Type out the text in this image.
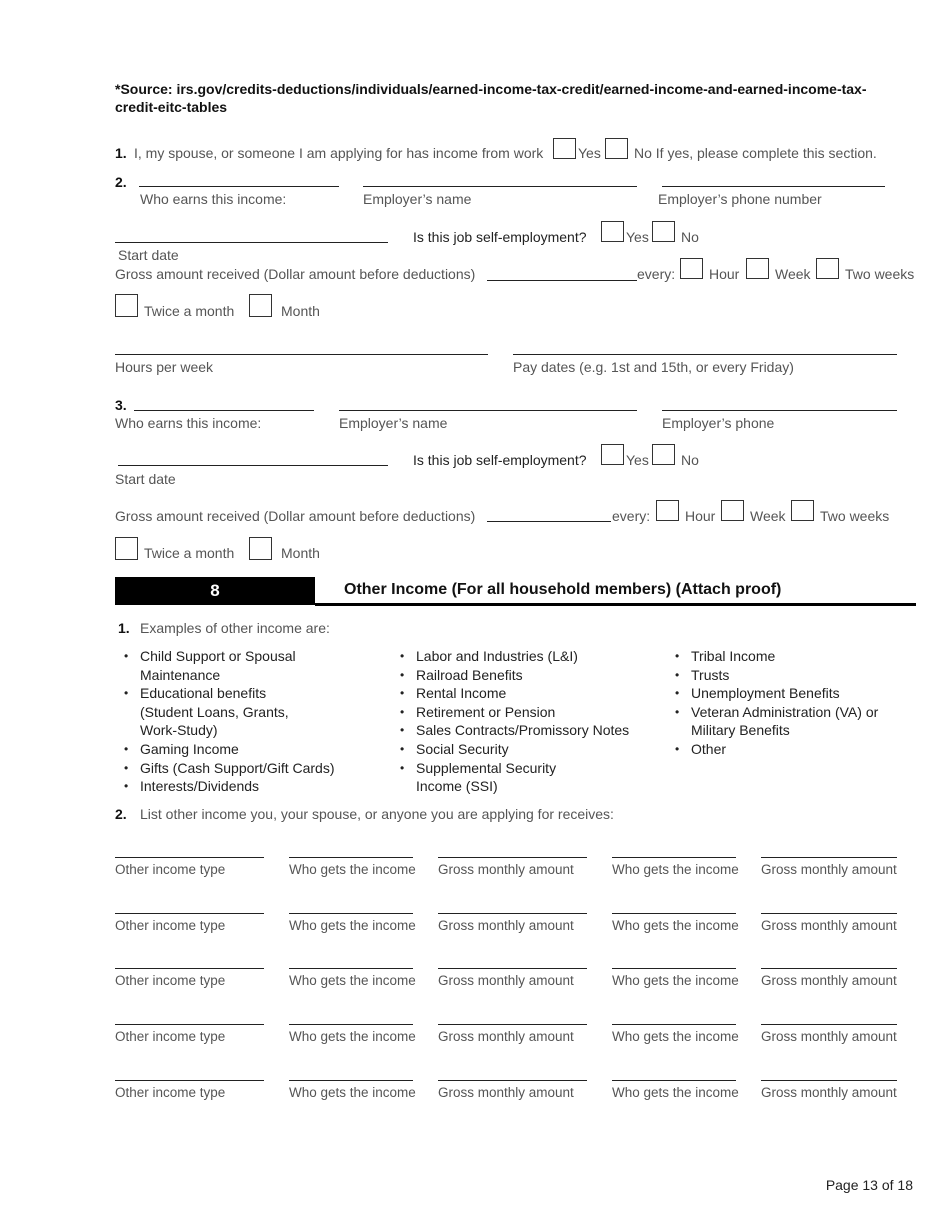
*Source: irs.gov/credits-deductions/individuals/earned-income-tax-credit/earned-income-and-earned-income-tax-credit-eitc-tables
1. I, my spouse, or someone I am applying for has income from work Yes No If yes, please complete this section.
2.
Who earns this income:	Employer’s name	Employer’s phone number
Is this job self-employment?	Yes No
Start date
Gross amount received (Dollar amount before deductions)	every: Hour	Week Two weeks
Twice a month	Month
Hours per week	Pay dates (e.g. 1st and 15th, or every Friday)
3.
Who earns this income:	Employer’s name	Employer’s phone
Is this job self-employment?	Yes No
Start date
Gross amount received (Dollar amount before deductions)	every: Hour Week Two weeks
Twice a month	Month
8	Other Income (For all household members) (Attach proof)
1. Examples of other income are:
• Child Support or Spousal Maintenance
• Educational benefits (Student Loans, Grants, Work-Study)
• Gaming Income
• Gifts (Cash Support/Gift Cards)
• Interests/Dividends
• Labor and Industries (L&I)
• Railroad Benefits
• Rental Income
• Retirement or Pension
• Sales Contracts/Promissory Notes
• Social Security
• Supplemental Security Income (SSI)
• Tribal Income
• Trusts
• Unemployment Benefits
• Veteran Administration (VA) or Military Benefits
• Other
2. List other income you, your spouse, or anyone you are applying for receives:
Other income type	Who gets the income Gross monthly amount	Who gets the income Gross monthly amount
Other income type	Who gets the income Gross monthly amount	Who gets the income Gross monthly amount
Other income type	Who gets the income Gross monthly amount	Who gets the income Gross monthly amount
Other income type	Who gets the income Gross monthly amount	Who gets the income Gross monthly amount
Other income type	Who gets the income Gross monthly amount	Who gets the income Gross monthly amount
Page 13 of 18
